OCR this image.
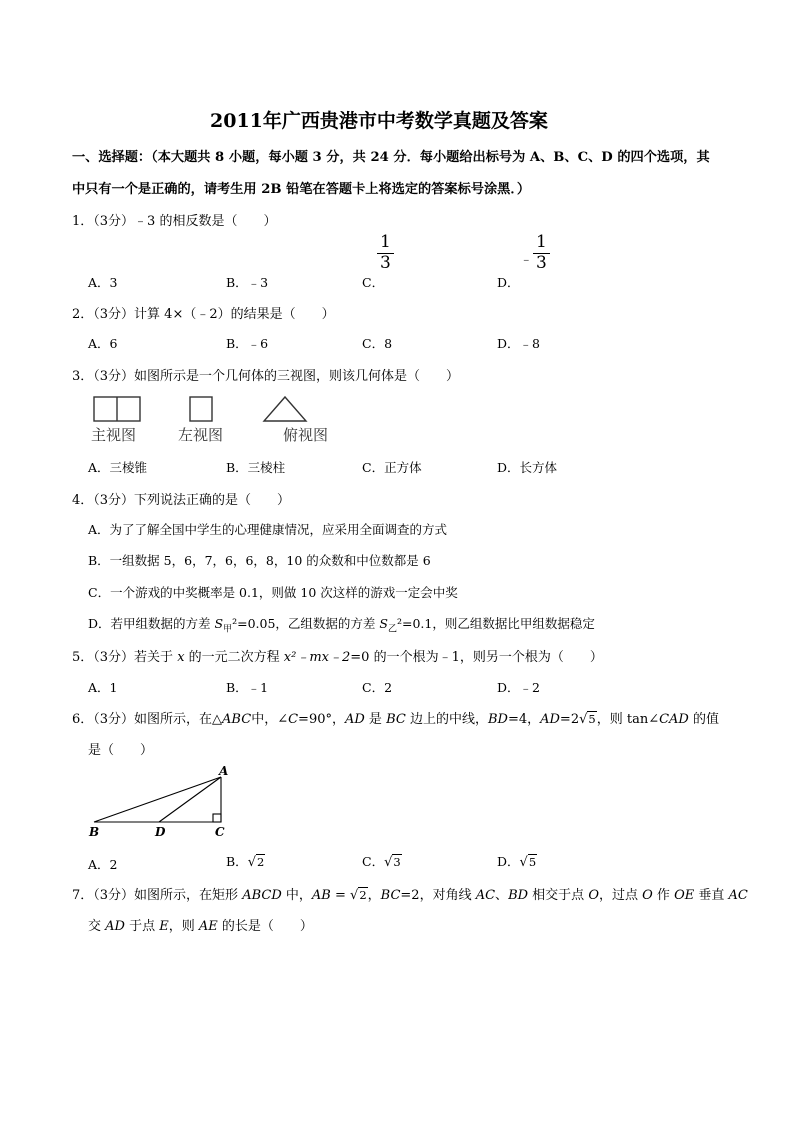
2011年广西贵港市中考数学真题及答案
一、选择题：（本大题共 8 小题，每小题 3 分，共 24 分．每小题给出标号为 A、B、C、D 的四个选项，其
中只有一个是正确的，请考生用 2B 铅笔在答题卡上将选定的答案标号涂黑．）
1．（3分）﹣3 的相反数是（　　）
A．3	B．﹣3	C．
$\frac{1}{3}$
D．
﹣ $\frac{1}{3}$
2．（3分）计算 4×（﹣2）的结果是（　　）
A．6	B．﹣6	C．8	D．﹣8
3．（3分）如图所示是一个几何体的三视图，则该几何体是（　　）
主视图	左视图	俯视图
A．三棱锥	B．三棱柱	C．正方体	D．长方体
4．（3分）下列说法正确的是（　　）
A．为了了解全国中学生的心理健康情况，应采用全面调查的方式
B．一组数据 5，6，7，6，6，8，10 的众数和中位数都是 6
C．一个游戏的中奖概率是 0.1，则做 10 次这样的游戏一定会中奖
D．若甲组数据的方差 $S_甲^2=0.05$，乙组数据的方差 $S_乙^2=0.1$，则乙组数据比甲组数据稳定
5．（3分）若关于 x 的一元二次方程 x²﹣mx﹣2=0 的一个根为﹣1，则另一个根为（　　）
A．1	B．﹣1	C．2	D．﹣2
6．（3分）如图所示，在△ABC中，∠C=90°，AD 是 BC 边上的中线，BD=4，AD=2√5，则 tan∠CAD 的值
是（　　）
A
B	D	C
A．2	B．√2	C．√3	D．√5
7．（3分）如图所示，在矩形 ABCD 中，AB = √2，BC=2，对角线 AC、BD 相交于点 O，过点 O 作 OE 垂直 AC
交 AD 于点 E，则 AE 的长是（　　）
